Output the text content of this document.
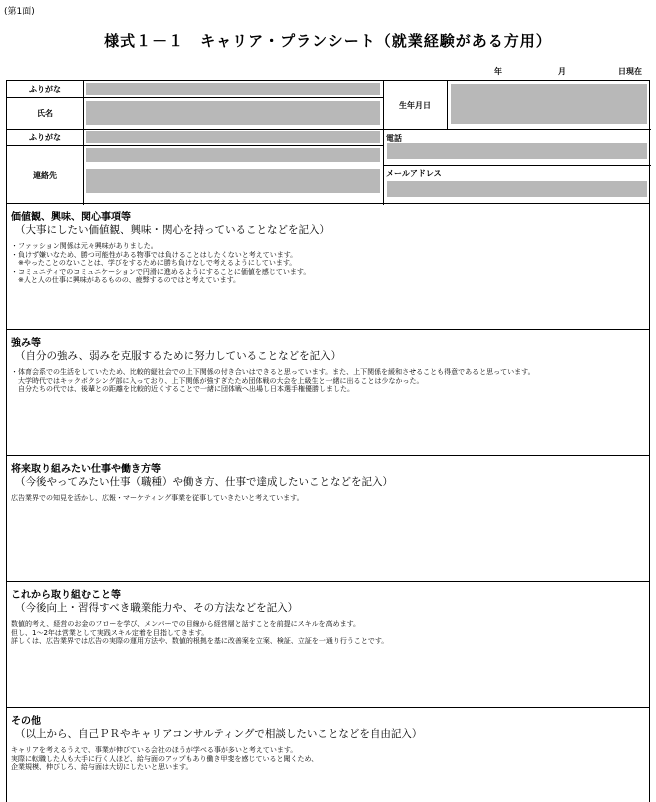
(第1面)
様式１－１　キャリア・プランシート（就業経験がある方用）
年	月	日現在
ふりがな
氏名
生年月日
ふりがな
連絡先
電話
メールアドレス
価値観、興味、関心事項等
（大事にしたい価値観、興味・関心を持っていることなどを記入）
・ファッション関係は元々興味がありました。
・負けず嫌いなため、勝つ可能性がある物事では負けることはしたくないと考えています。
　※やったことのないことは、学びをするために勝ち負けなしで考えるようにしています。
・コミュニティでのコミュニケーションで円滑に進めるようにすることに価値を感じています。
　※人と人の仕事に興味があるものの、疲弊するのではと考えています。
強み等
（自分の強み、弱みを克服するために努力していることなどを記入）
・体育会系での生活をしていたため、比較的縦社会での上下関係の付き合いはできると思っています。また、上下関係を緩和させることも得意であると思っています。
　大学時代ではキックボクシング部に入っており、上下関係が強すぎたため団体戦の大会を上級生と一緒に出ることは少なかった。
　自分たちの代では、後輩との距離を比較的近くすることで一緒に団体戦へ出場し日本選手権優勝しました。
将来取り組みたい仕事や働き方等
（今後やってみたい仕事（職種）や働き方、仕事で達成したいことなどを記入）
広告業界での知見を活かし、広報・マーケティング事業を従事していきたいと考えています。
これから取り組むこと等
（今後向上・習得すべき職業能力や、その方法などを記入）
数値的考え、経営のお金のフローを学び、メンバーでの目線から経営層と話すことを前提にスキルを高めます。
但し、1〜2年は営業として実践スキル定着を目指してきます。
詳しくは、広告業界では広告の実際の運用方法や、数値的根拠を基に改善案を立案、検証、立証を一通り行うことです。
その他
（以上から、自己ＰＲやキャリアコンサルティングで相談したいことなどを自由記入）
キャリアを考えるうえで、事業が伸びている会社のほうが学べる事が多いと考えています。
実際に転職した人も大手に行く人ほど、給与面のアップもあり働き甲斐を感じていると聞くため、
企業規模、伸びしろ、給与面は大切にしたいと思います。
